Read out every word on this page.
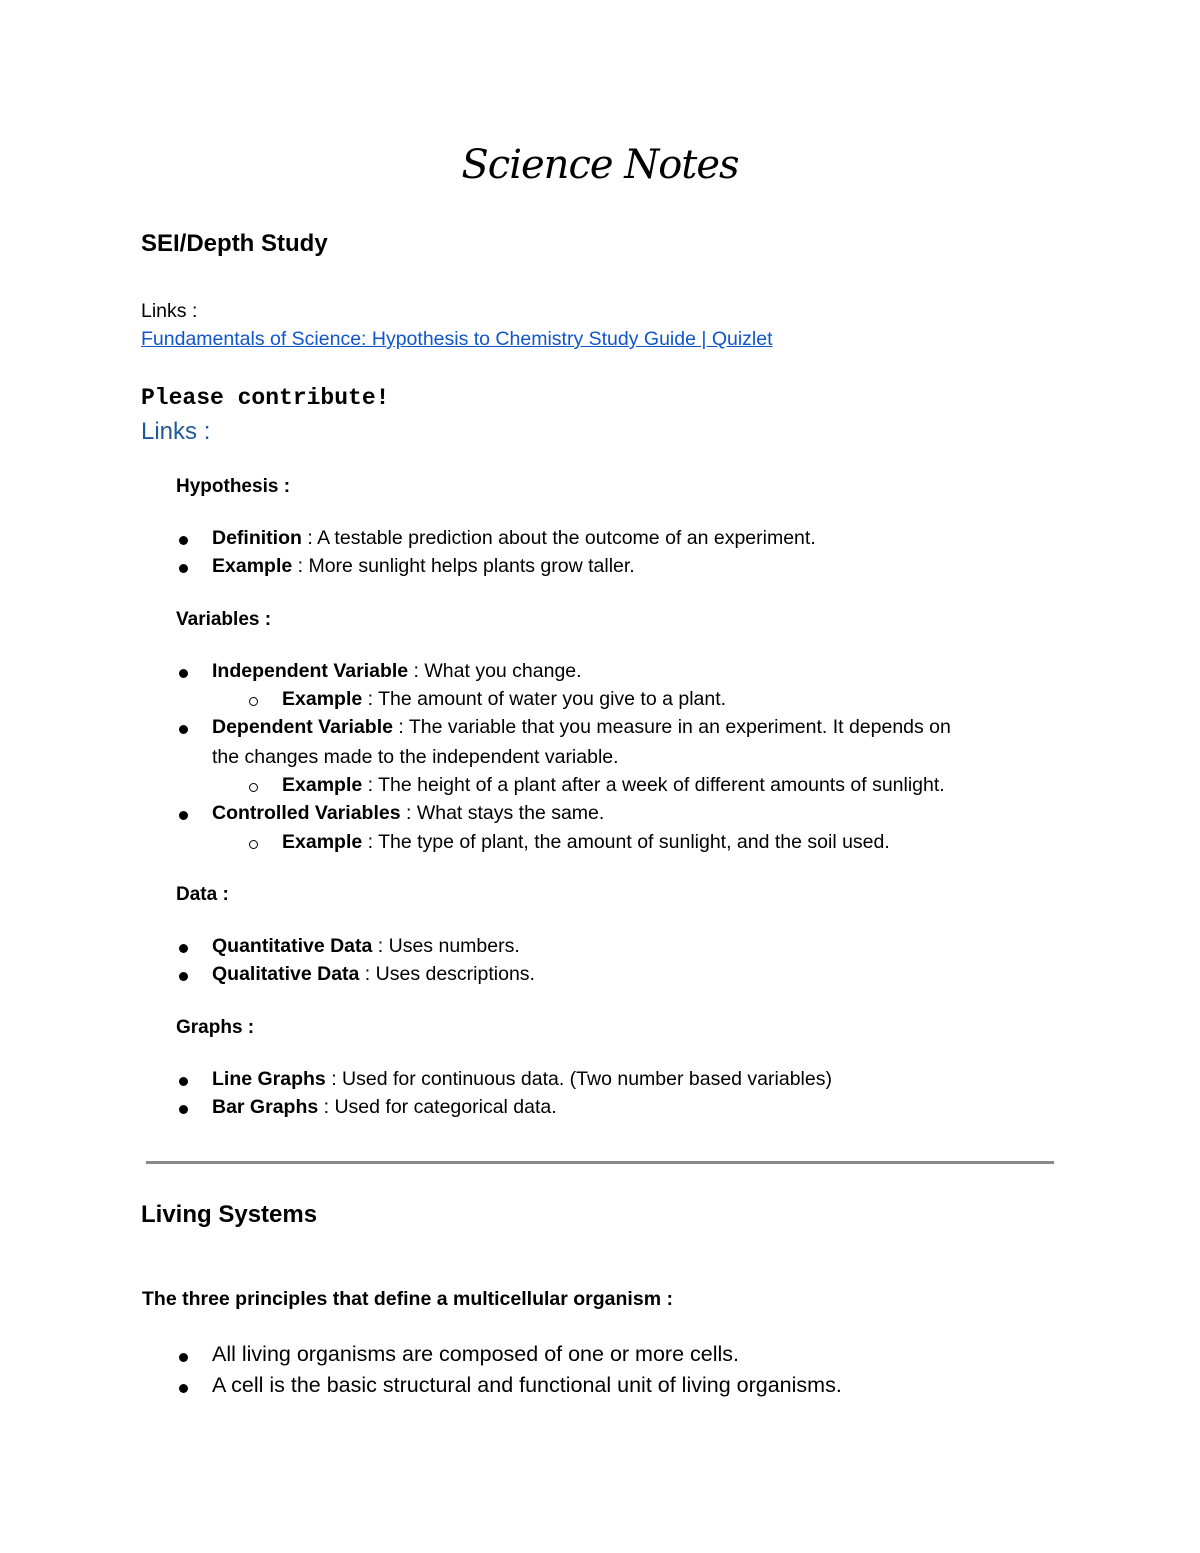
Science Notes
SEI/Depth Study
Links :
Fundamentals of Science: Hypothesis to Chemistry Study Guide | Quizlet
Please contribute!
Links :
Hypothesis :
Definition : A testable prediction about the outcome of an experiment.
Example : More sunlight helps plants grow taller.
Variables :
Independent Variable : What you change.
Example : The amount of water you give to a plant.
Dependent Variable : The variable that you measure in an experiment. It depends on
the changes made to the independent variable.
Example : The height of a plant after a week of different amounts of sunlight.
Controlled Variables : What stays the same.
Example : The type of plant, the amount of sunlight, and the soil used.
Data :
Quantitative Data : Uses numbers.
Qualitative Data : Uses descriptions.
Graphs :
Line Graphs : Used for continuous data. (Two number based variables)
Bar Graphs : Used for categorical data.
Living Systems
The three principles that define a multicellular organism :
All living organisms are composed of one or more cells.
A cell is the basic structural and functional unit of living organisms.
